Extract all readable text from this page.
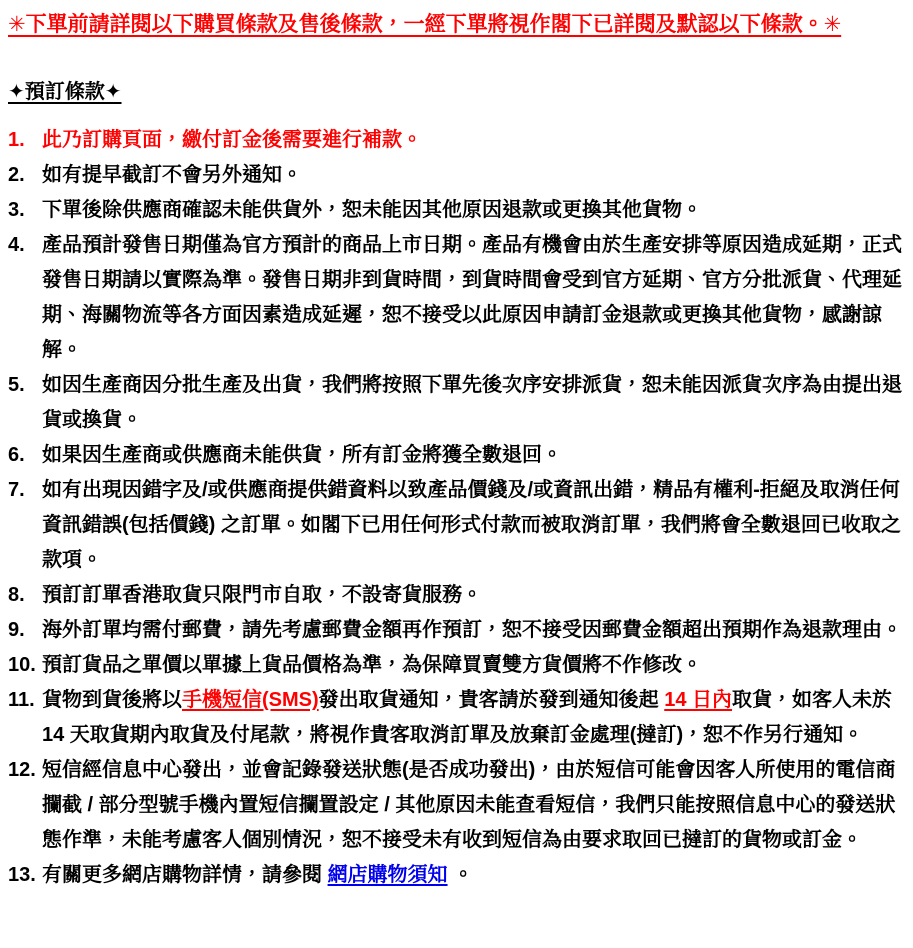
✳︎下單前請詳閱以下購買條款及售後條款，一經下單將視作閣下已詳閱及默認以下條款。✳︎

✦預訂條款✦
1. 此乃訂購頁面，繳付訂金後需要進行補款。
2. 如有提早截訂不會另外通知。
3. 下單後除供應商確認未能供貨外，恕未能因其他原因退款或更換其他貨物。
4. 產品預計發售日期僅為官方預計的商品上市日期。產品有機會由於生產安排等原因造成延期，正式發售日期請以實際為準。發售日期非到貨時間，到貨時間會受到官方延期、官方分批派貨、代理延期、海關物流等各方面因素造成延遲，恕不接受以此原因申請訂金退款或更換其他貨物，感謝諒解。
5. 如因生產商因分批生產及出貨，我們將按照下單先後次序安排派貨，恕未能因派貨次序為由提出退貨或換貨。
6. 如果因生產商或供應商未能供貨，所有訂金將獲全數退回。
7. 如有出現因錯字及/或供應商提供錯資料以致產品價錢及/或資訊出錯，精品有權利-拒絕及取消任何資訊錯誤(包括價錢) 之訂單。如閣下已用任何形式付款而被取消訂單，我們將會全數退回已收取之款項。
8. 預訂訂單香港取貨只限門市自取，不設寄貨服務。
9. 海外訂單均需付郵費，請先考慮郵費金額再作預訂，恕不接受因郵費金額超出預期作為退款理由。
10. 預訂貨品之單價以單據上貨品價格為準，為保障買賣雙方貨價將不作修改。
11. 貨物到貨後將以手機短信(SMS)發出取貨通知，貴客請於發到通知後起 14 日內取貨，如客人未於 14 天取貨期內取貨及付尾款，將視作貴客取消訂單及放棄訂金處理(撻訂)，恕不作另行通知。
12. 短信經信息中心發出，並會記錄發送狀態(是否成功發出)，由於短信可能會因客人所使用的電信商攔截 / 部分型號手機內置短信攔置設定 / 其他原因未能查看短信，我們只能按照信息中心的發送狀態作準，未能考慮客人個別情況，恕不接受未有收到短信為由要求取回已撻訂的貨物或訂金。
13. 有關更多網店購物詳情，請參閱 網店購物須知 。
